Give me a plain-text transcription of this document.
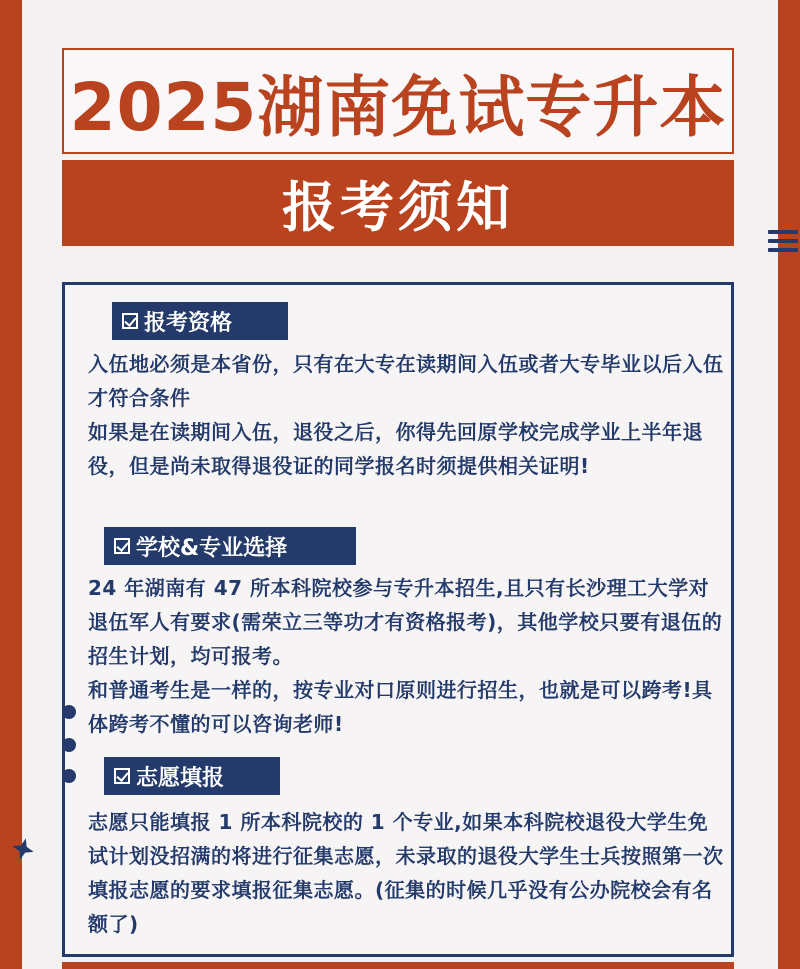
2025湖南免试专升本
报考须知
报考资格
入伍地必须是本省份，只有在大专在读期间入伍或者大专毕业以后入伍才符合条件
如果是在读期间入伍，退役之后，你得先回原学校完成学业上半年退役，但是尚未取得退役证的同学报名时须提供相关证明!
学校&专业选择
24 年湖南有 47 所本科院校参与专升本招生,且只有长沙理工大学对退伍军人有要求(需荣立三等功才有资格报考)，其他学校只要有退伍的招生计划，均可报考。
和普通考生是一样的，按专业对口原则进行招生，也就是可以跨考!具体跨考不懂的可以咨询老师!
志愿填报
志愿只能填报 1 所本科院校的 1 个专业,如果本科院校退役大学生免试计划没招满的将进行征集志愿，未录取的退役大学生士兵按照第一次填报志愿的要求填报征集志愿。(征集的时候几乎没有公办院校会有名额了)
